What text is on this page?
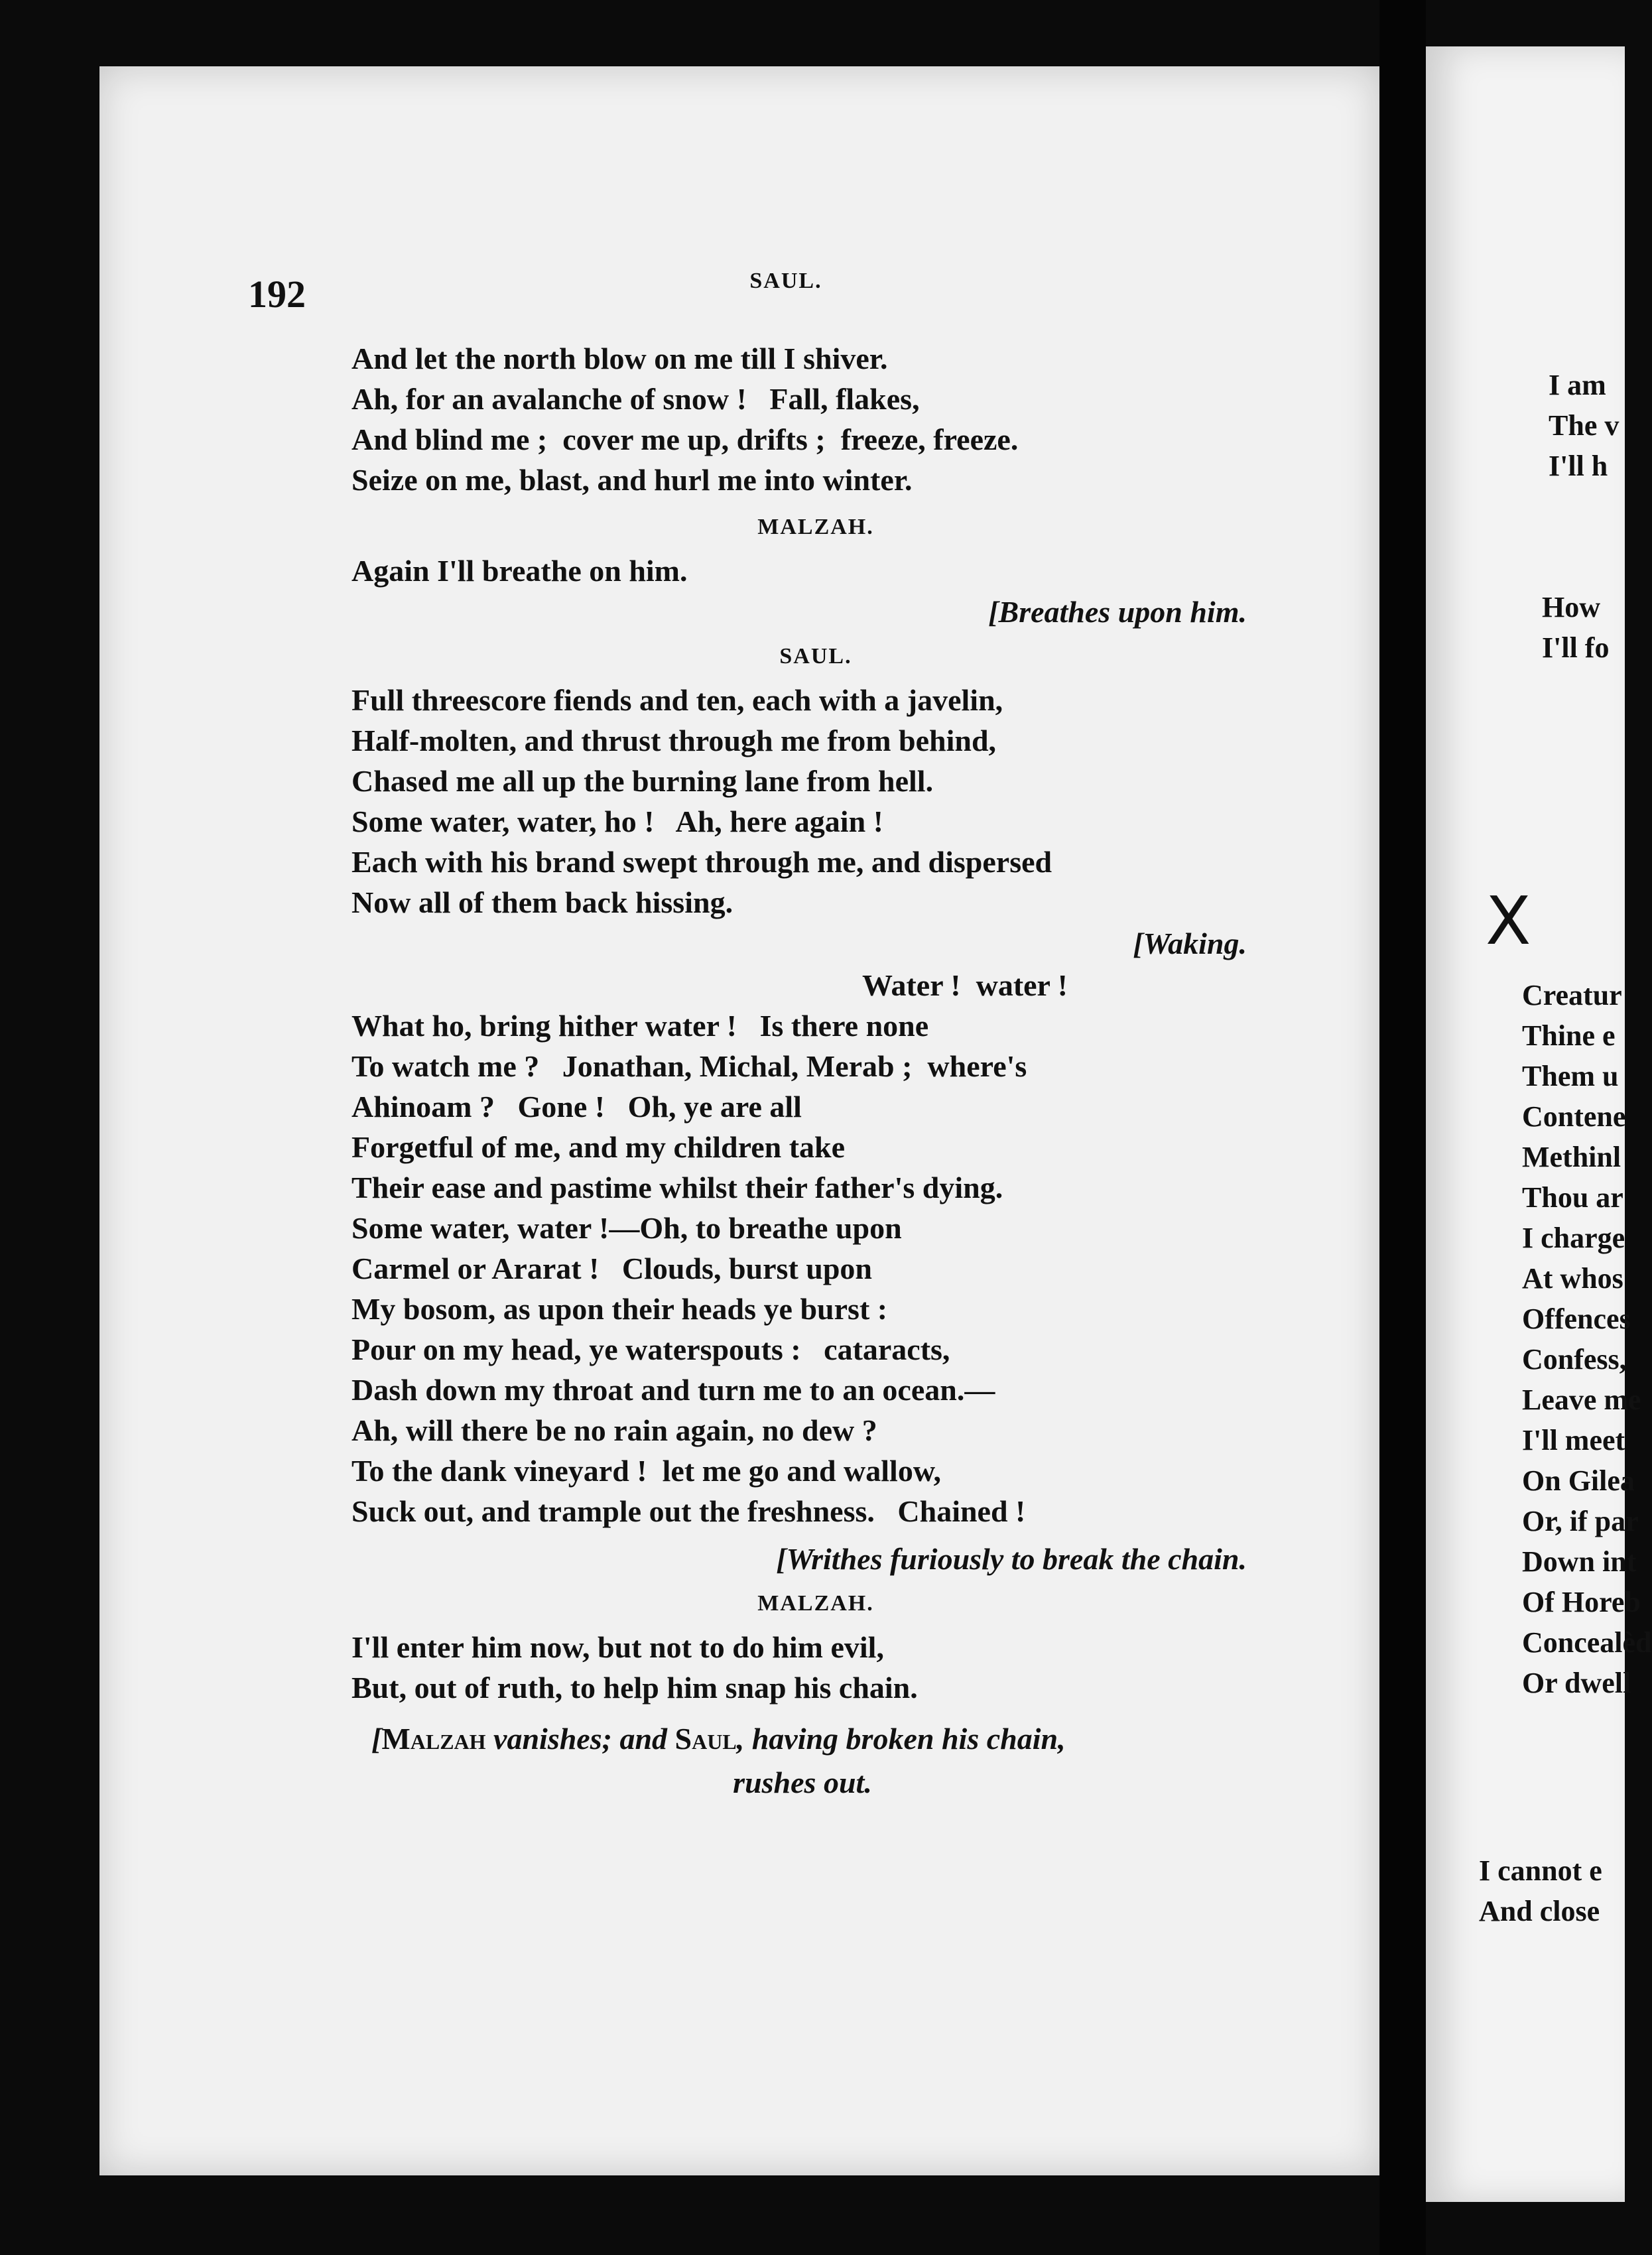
192	SAUL.
And let the north blow on me till I shiver.
Ah, for an avalanche of snow !   Fall, flakes,
And blind me ;  cover me up, drifts ;  freeze, freeze.
Seize on me, blast, and hurl me into winter.
MALZAH.
Again I'll breathe on him.
[Breathes upon him.
SAUL.
Full threescore fiends and ten, each with a javelin,
Half-molten, and thrust through me from behind,
Chased me all up the burning lane from hell.
Some water, water, ho !   Ah, here again !
Each with his brand swept through me, and dispersed
Now all of them back hissing.
[Waking.
Water !  water !
What ho, bring hither water !   Is there none
To watch me ?   Jonathan, Michal, Merab ;  where's
Ahinoam ?   Gone !   Oh, ye are all
Forgetful of me, and my children take
Their ease and pastime whilst their father's dying.
Some water, water !—Oh, to breathe upon
Carmel or Ararat !   Clouds, burst upon
My bosom, as upon their heads ye burst :
Pour on my head, ye waterspouts :   cataracts,
Dash down my throat and turn me to an ocean.—
Ah, will there be no rain again, no dew ?
To the dank vineyard !  let me go and wallow,
Suck out, and trample out the freshness.   Chained !
[Writhes furiously to break the chain.
MALZAH.
I'll enter him now, but not to do him evil,
But, out of ruth, to help him snap his chain.
[Malzah vanishes; and Saul, having broken his chain,
rushes out.
I am
The v
I'll h
How
I'll fo
Creatur
Thine e
Them u
Contene
Methinl
Thou ar
I charge
At whos
Offences
Confess,
Leave me
I'll meet
On Gilea
Or, if par
Down int
Of Horeb
Concealèd
Or dwell
I cannot e
And close
X
